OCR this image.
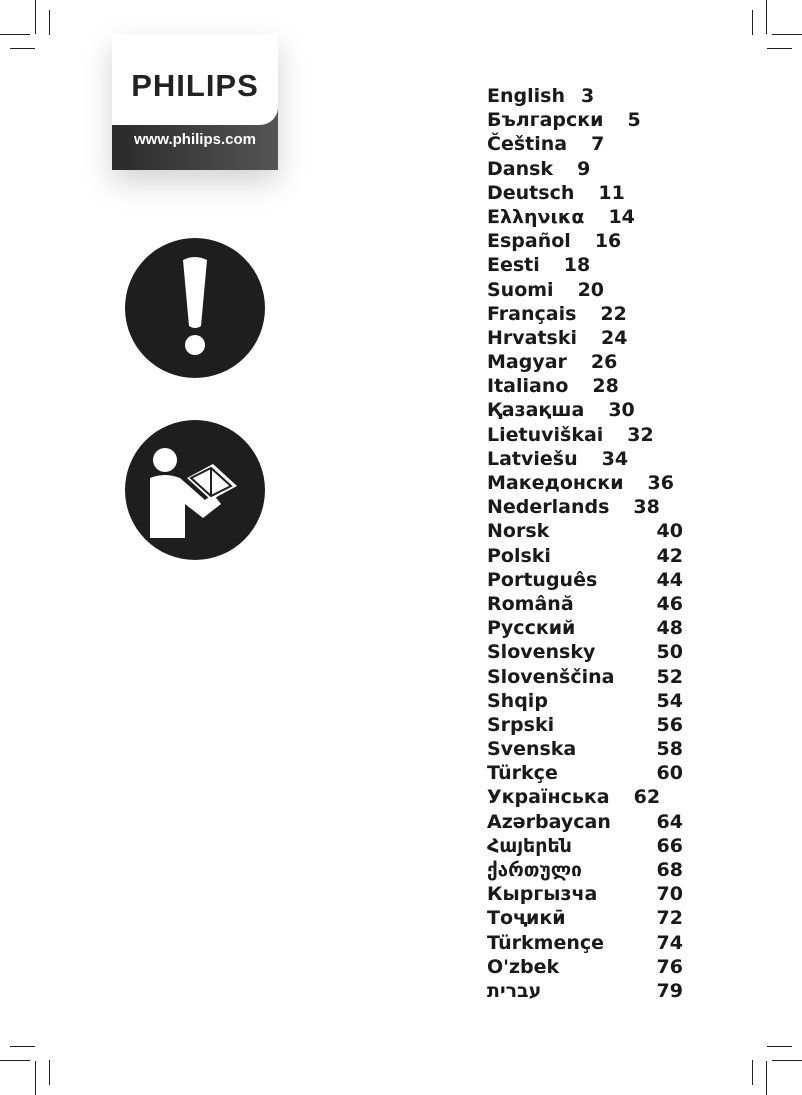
PHILIPS
www.philips.com
English 3
Български 5
Čeština 7
Dansk 9
Deutsch 11
Ελληνικα 14
Español 16
Eesti 18
Suomi 20
Français 22
Hrvatski 24
Magyar 26
Italiano 28
Қазақша 30
Lietuviškai 32
Latviešu 34
Македонски 36
Nederlands 38
Norsk	40
Polski	42
Português	44
Română	46
Русский	48
Slovensky	50
Slovenščina 52
Shqip	54
Srpski	56
Svenska	58
Türkçe	60
Українська 62
Azərbaycan 64
Հայերեն	66
ქართული	68
Кыргызча	70
Тоҷикӣ	72
Türkmençe	74
O'zbek	76
עברית	79
